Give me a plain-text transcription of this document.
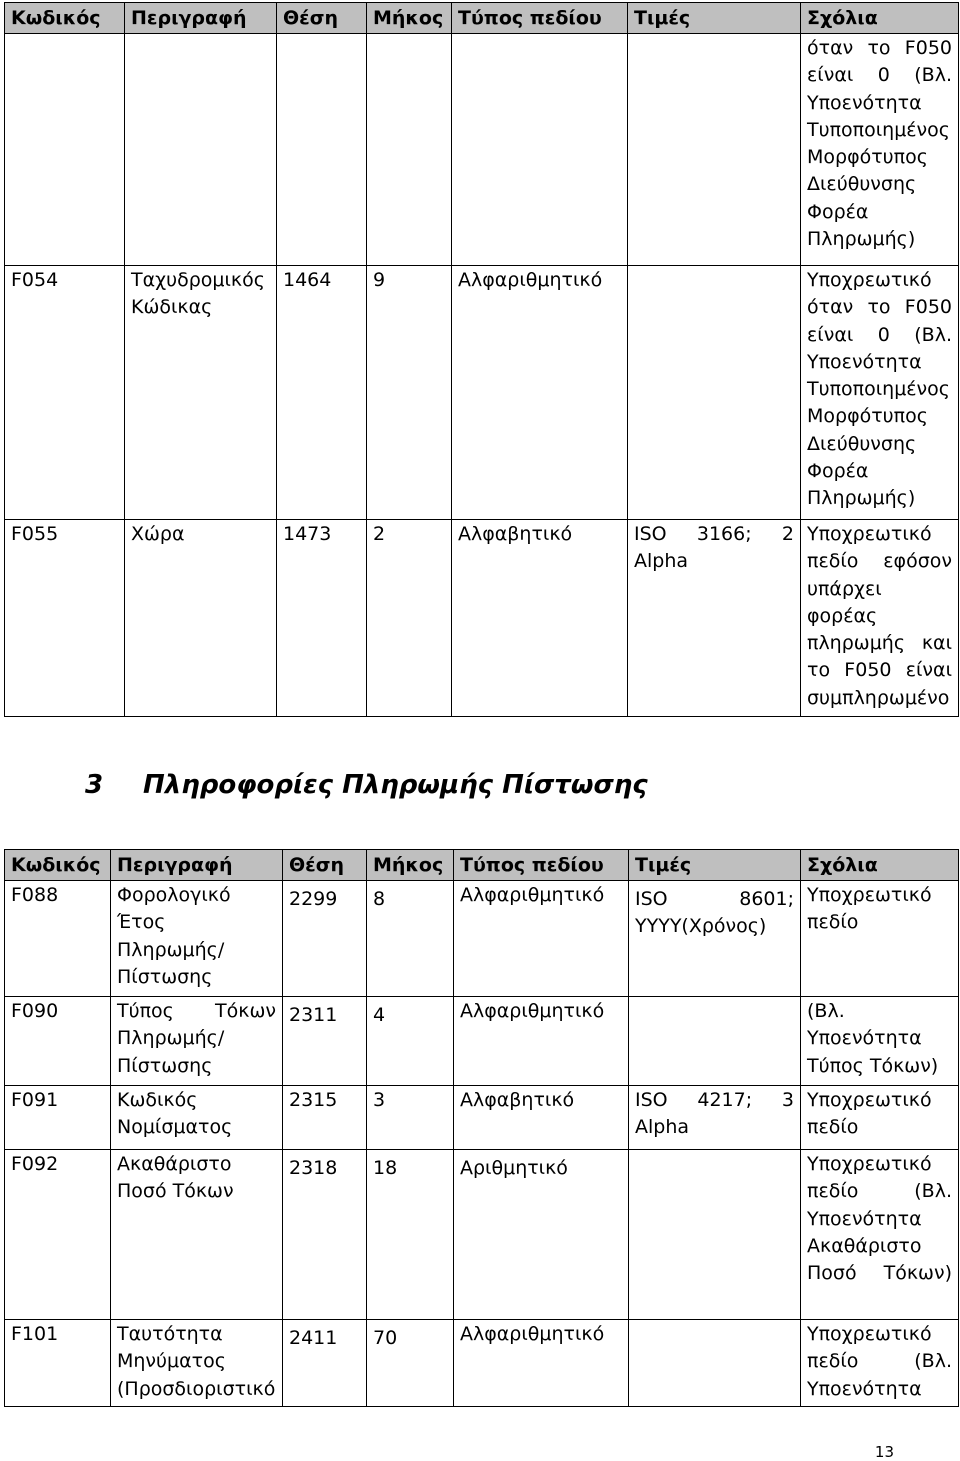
Κωδικός	Περιγραφή	Θέση	Μήκος	Τύπος πεδίου	Τιμές	Σχόλια
						όταν το F050 είναι 0 (Βλ. Υποενότητα Τυποποιημένος Μορφότυπος Διεύθυνσης Φορέα Πληρωμής)
F054	Ταχυδρομικός Κώδικας	1464	9	Αλφαριθμητικό		Υποχρεωτικό όταν το F050 είναι 0 (Βλ. Υποενότητα Τυποποιημένος Μορφότυπος Διεύθυνσης Φορέα Πληρωμής)
F055	Χώρα	1473	2	Αλφαβητικό	ISO 3166; 2 Alpha	Υποχρεωτικό πεδίο εφόσον υπάρχει φορέας πληρωμής και το F050 είναι συμπληρωμένο
3 Πληροφορίες Πληρωμής Πίστωσης
Κωδικός	Περιγραφή	Θέση	Μήκος	Τύπος πεδίου	Τιμές	Σχόλια
F088	Φορολογικό Έτος Πληρωμής/ Πίστωσης	2299	8	Αλφαριθμητικό	ISO 8601; YYYY(Χρόνος)	Υποχρεωτικό πεδίο
F090	Τύπος Τόκων Πληρωμής/ Πίστωσης	2311	4	Αλφαριθμητικό		(Βλ. Υποενότητα Τύπος Τόκων)
F091	Κωδικός Νομίσματος	2315	3	Αλφαβητικό	ISO 4217; 3 Alpha	Υποχρεωτικό πεδίο
F092	Ακαθάριστο Ποσό Τόκων	2318	18	Αριθμητικό		Υποχρεωτικό πεδίο (Βλ. Υποενότητα Ακαθάριστο Ποσό Τόκων)
F101	Ταυτότητα Μηνύματος (Προσδιοριστικό	2411	70	Αλφαριθμητικό		Υποχρεωτικό πεδίο (Βλ. Υποενότητα
13
